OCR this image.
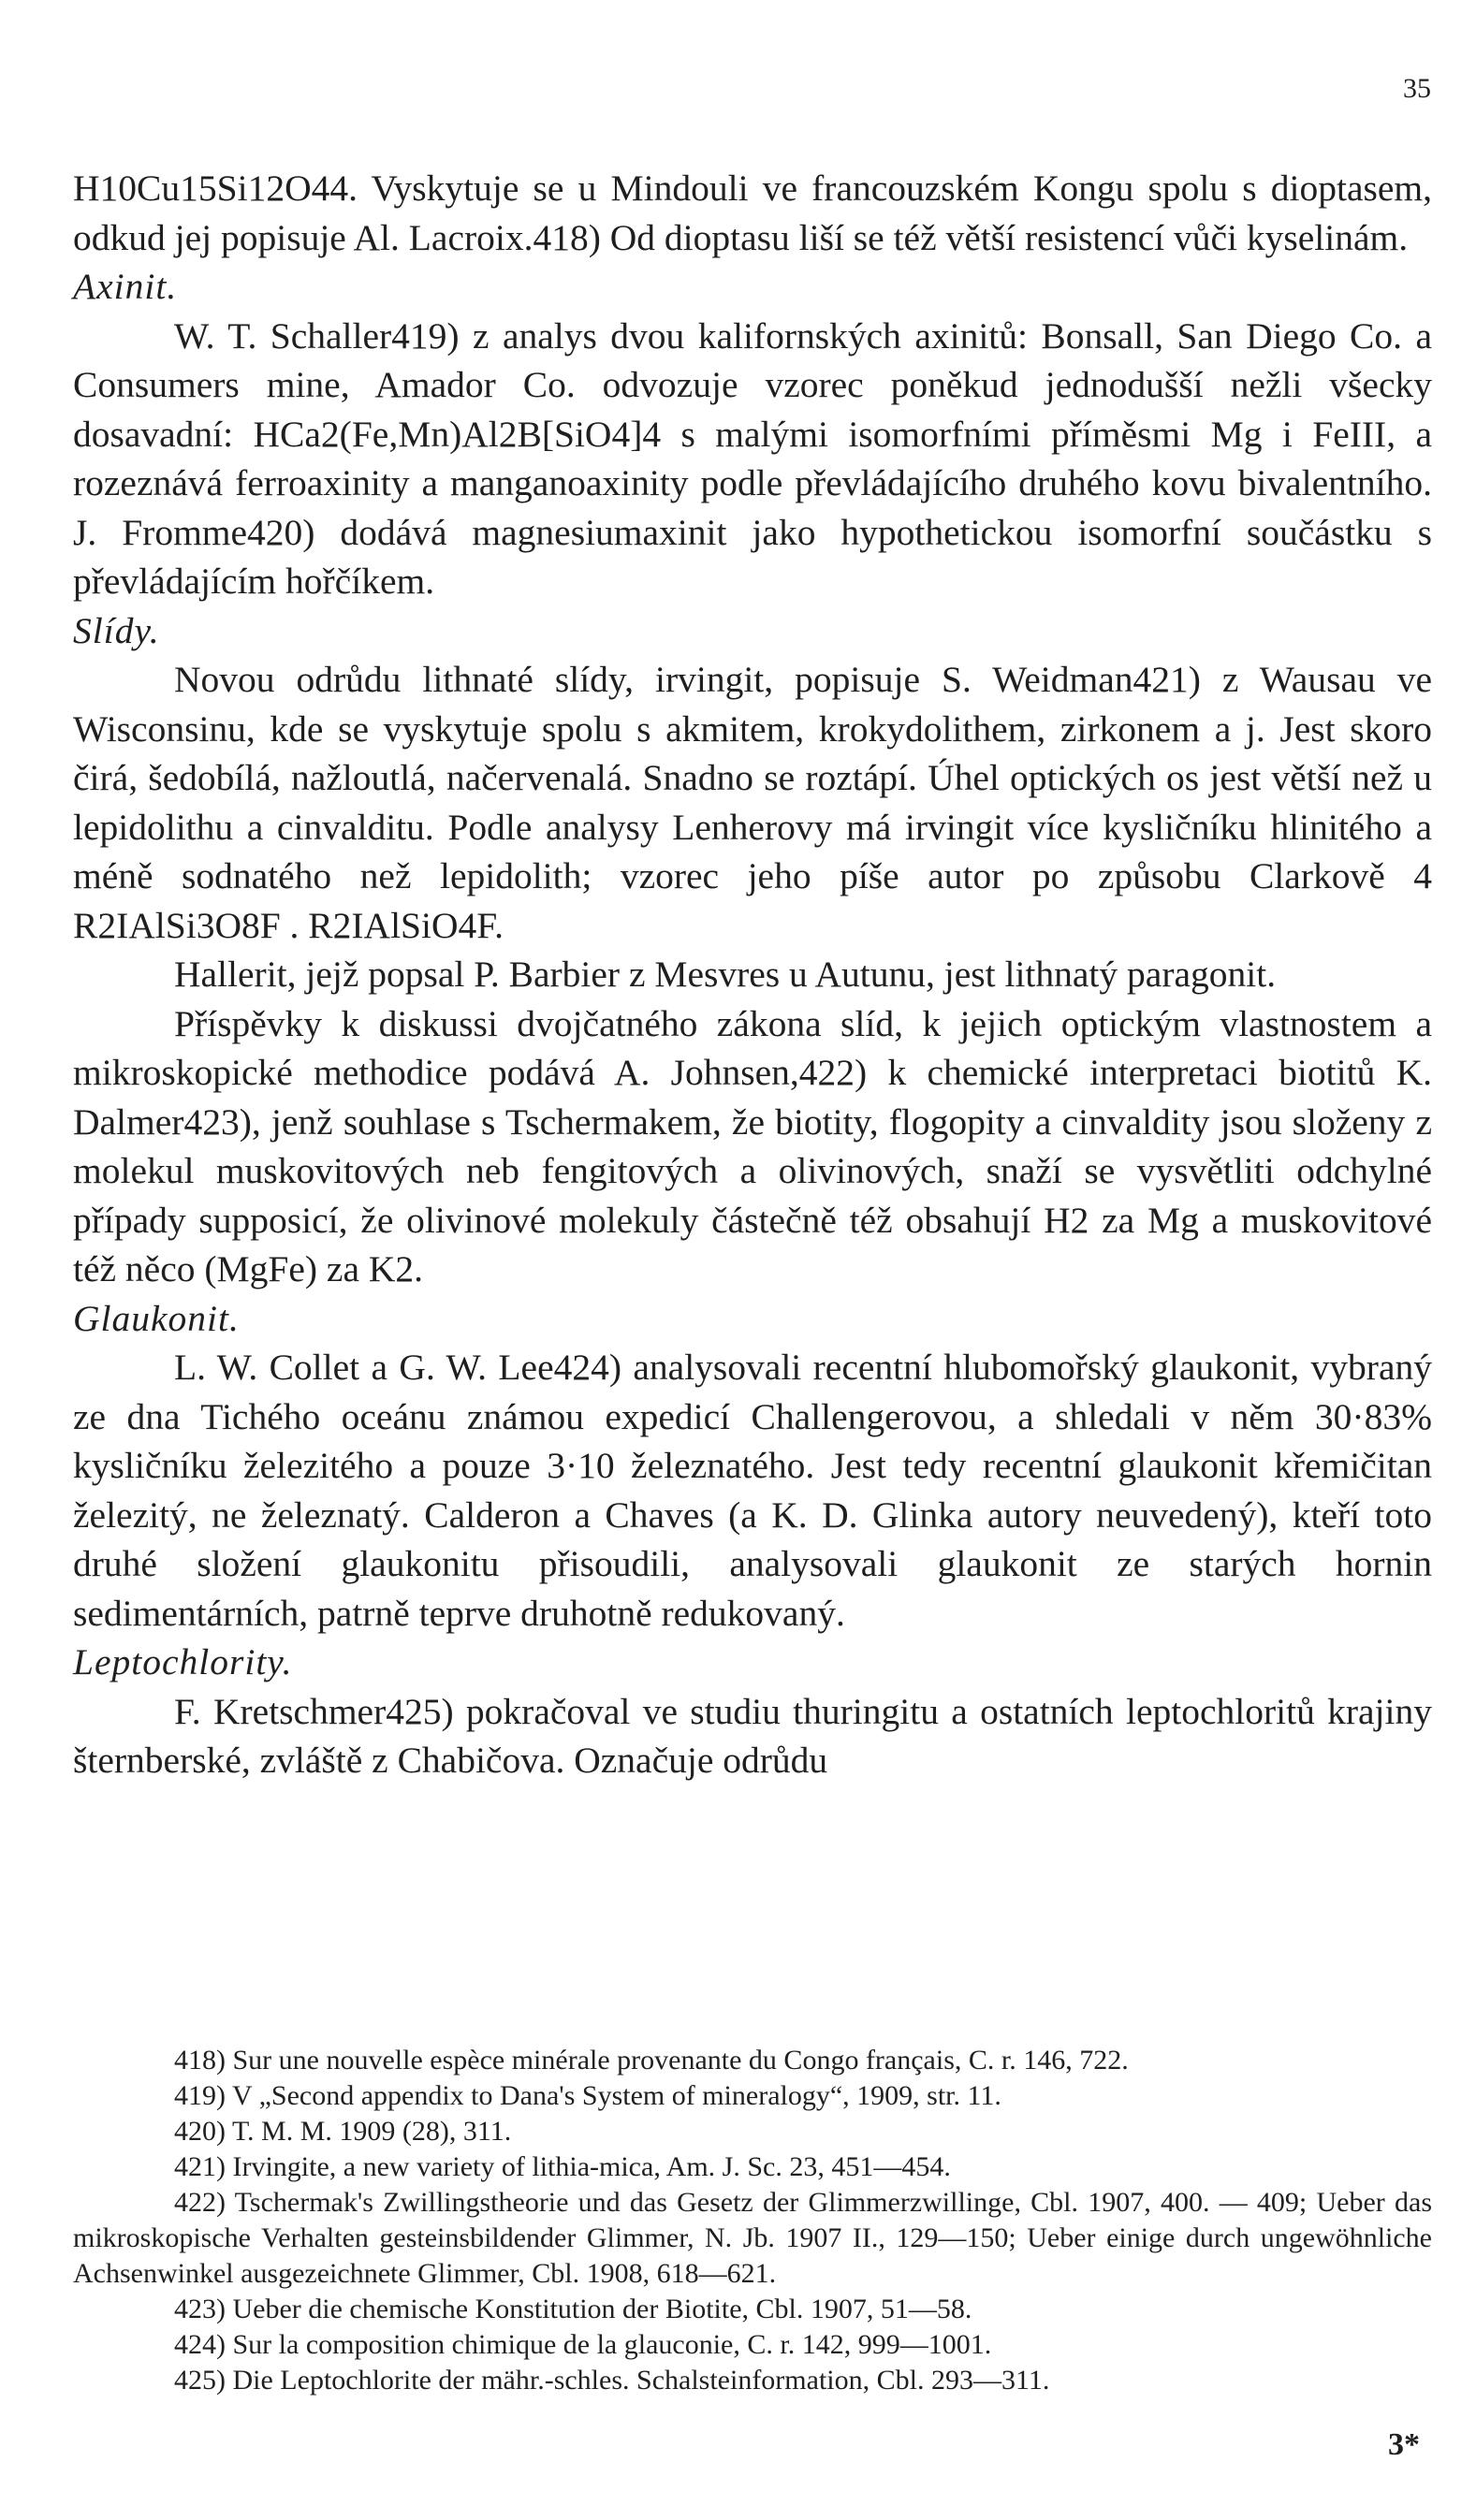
35

H10Cu15Si12O44. Vyskytuje se u Mindouli ve francouzském Kongu spolu s dioptasem, odkud jej popisuje Al. Lacroix.418) Od dioptasu liší se též větší resistencí vůči kyselinám.

Axinit.

W. T. Schaller419) z analys dvou kalifornských axinitů: Bonsall, San Diego Co. a Consumers mine, Amador Co. odvozuje vzorec poněkud jednodušší nežli všecky dosavadní: HCa2(Fe,Mn)Al2B[SiO4]4 s malými isomorfními příměsmi Mg i FeIII, a rozeznává ferroaxinity a manganoaxinity podle převládajícího druhého kovu bivalentního. J. Fromme420) dodává magnesiumaxinit jako hypothetickou isomorfní součástku s převládajícím hořčíkem.

Slídy.

Novou odrůdu lithnaté slídy, irvingit, popisuje S. Weidman421) z Wausau ve Wisconsinu, kde se vyskytuje spolu s akmitem, krokydolithem, zirkonem a j. Jest skoro čirá, šedobílá, nažloutlá, načervenalá. Snadno se roztápí. Úhel optických os jest větší než u lepidolithu a cinvalditu. Podle analysy Lenherovy má irvingit více kysličníku hlinitého a méně sodnatého než lepidolith; vzorec jeho píše autor po způsobu Clarkově 4 R2IAlSi3O8F . R2IAlSiO4F.

Hallerit, jejž popsal P. Barbier z Mesvres u Autunu, jest lithnatý paragonit.

Příspěvky k diskussi dvojčatného zákona slíd, k jejich optickým vlastnostem a mikroskopické methodice podává A. Johnsen,422) k chemické interpretaci biotitů K. Dalmer423), jenž souhlase s Tschermakem, že biotity, flogopity a cinvaldity jsou složeny z molekul muskovitových neb fengitových a olivinových, snaží se vysvětliti odchylné případy supposicí, že olivinové molekuly částečně též obsahují H2 za Mg a muskovitové též něco (MgFe) za K2.

Glaukonit.

L. W. Collet a G. W. Lee424) analysovali recentní hlubomořský glaukonit, vybraný ze dna Tichého oceánu známou expedicí Challengerovou, a shledali v něm 30·83% kysličníku železitého a pouze 3·10 železnatého. Jest tedy recentní glaukonit křemičitan železitý, ne železnatý. Calderon a Chaves (a K. D. Glinka autory neuvedený), kteří toto druhé složení glaukonitu přisoudili, analysovali glaukonit ze starých hornin sedimentárních, patrně teprve druhotně redukovaný.

Leptochlority.

F. Kretschmer425) pokračoval ve studiu thuringitu a ostatních leptochloritů krajiny šternberské, zvláště z Chabičova. Označuje odrůdu

418) Sur une nouvelle espèce minérale provenante du Congo français, C. r. 146, 722.

419) V „Second appendix to Dana's System of mineralogy“, 1909, str. 11.

420) T. M. M. 1909 (28), 311.

421) Irvingite, a new variety of lithia-mica, Am. J. Sc. 23, 451—454.

422) Tschermak's Zwillingstheorie und das Gesetz der Glimmerzwillinge, Cbl. 1907, 400. — 409; Ueber das mikroskopische Verhalten gesteinsbildender Glimmer, N. Jb. 1907 II., 129—150; Ueber einige durch ungewöhnliche Achsenwinkel ausgezeichnete Glimmer, Cbl. 1908, 618—621.

423) Ueber die chemische Konstitution der Biotite, Cbl. 1907, 51—58.

424) Sur la composition chimique de la glauconie, C. r. 142, 999—1001.

425) Die Leptochlorite der mähr.-schles. Schalsteinformation, Cbl. 293—311.

3*
